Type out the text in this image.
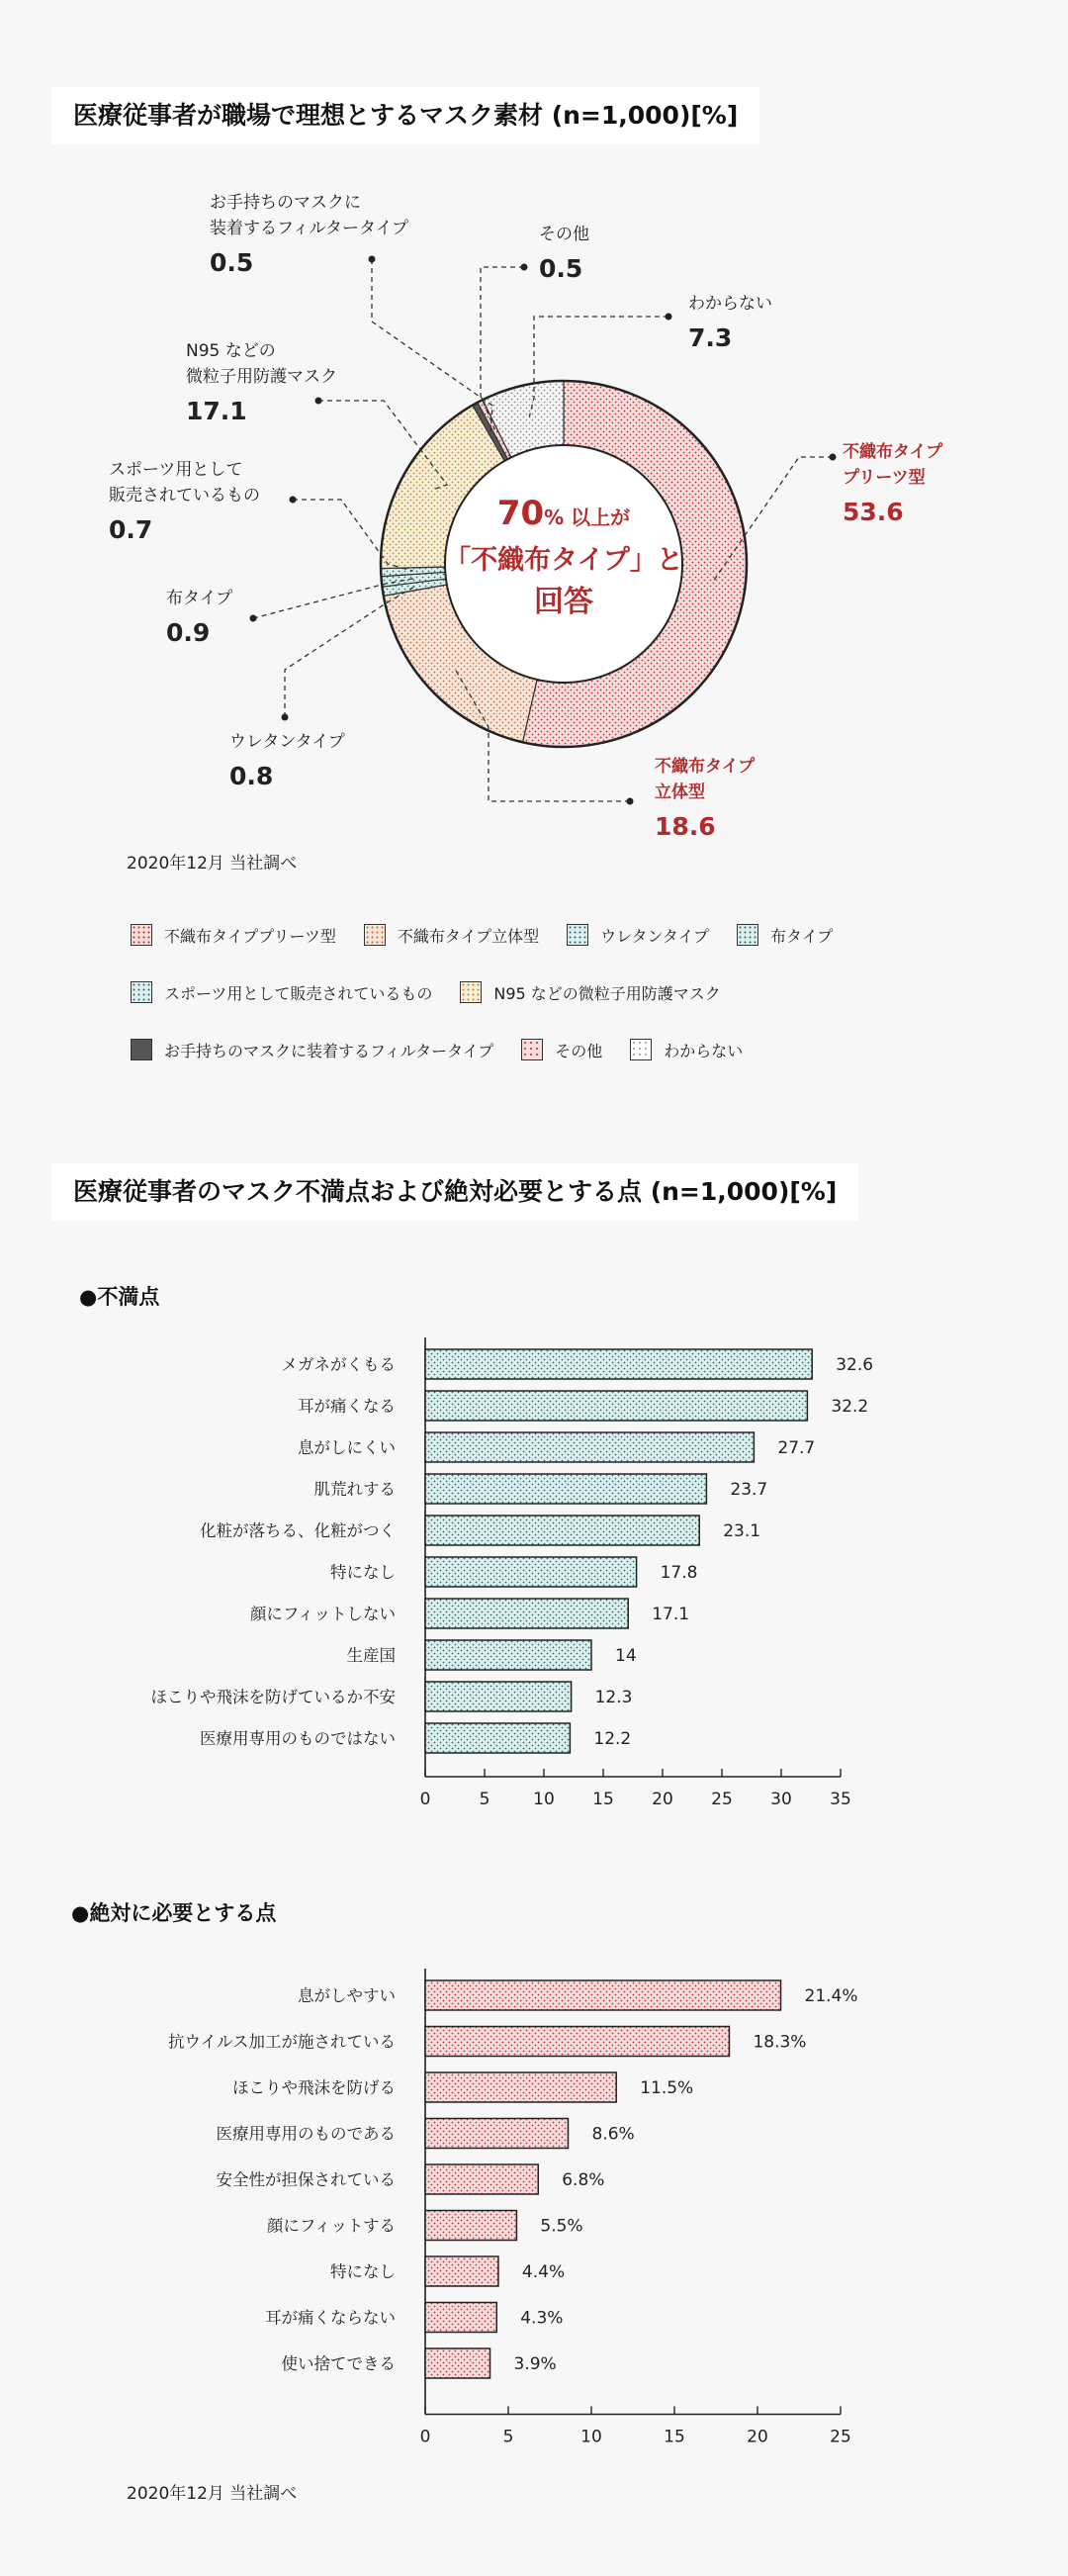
医療従事者が職場で理想とするマスク素材 (n=1,000)[%]
不織布タイプ
プリーツ型
53.6
不織布タイプ
立体型
18.6
ウレタンタイプ
0.8
布タイプ
0.9
スポーツ用として
販売されているもの
0.7
N95 などの
微粒子用防護マスク
17.1
お手持ちのマスクに
装着するフィルタータイプ
0.5
その他
0.5
わからない
7.3
70% 以上が
「不織布タイプ」と
回答
2020年12月 当社調べ
不織布タイププリーツ型	不織布タイプ立体型	ウレタンタイプ	布タイプ
スポーツ用として販売されているもの	N95 などの微粒子用防護マスク
お手持ちのマスクに装着するフィルタータイプ	その他	わからない
医療従事者のマスク不満点および絶対必要とする点 (n=1,000)[%]
●不満点
0	5	10 15 20 25 30 35
メガネがくもる	32.6
耳が痛くなる	32.2
息がしにくい	27.7
肌荒れする	23.7
化粧が落ちる、化粧がつく	23.1
特になし	17.8
顔にフィットしない	17.1
生産国	14
ほこりや飛沫を防げているか不安	12.3
医療用専用のものではない	12.2
●絶対に必要とする点
0	5	10	15	20	25
息がしやすい	21.4%
抗ウイルス加工が施されている	18.3%
ほこりや飛沫を防げる	11.5%
医療用専用のものである	8.6%
安全性が担保されている	6.8%
顔にフィットする	5.5%
特になし	4.4%
耳が痛くならない	4.3%
使い捨てできる	3.9%
2020年12月 当社調べ
